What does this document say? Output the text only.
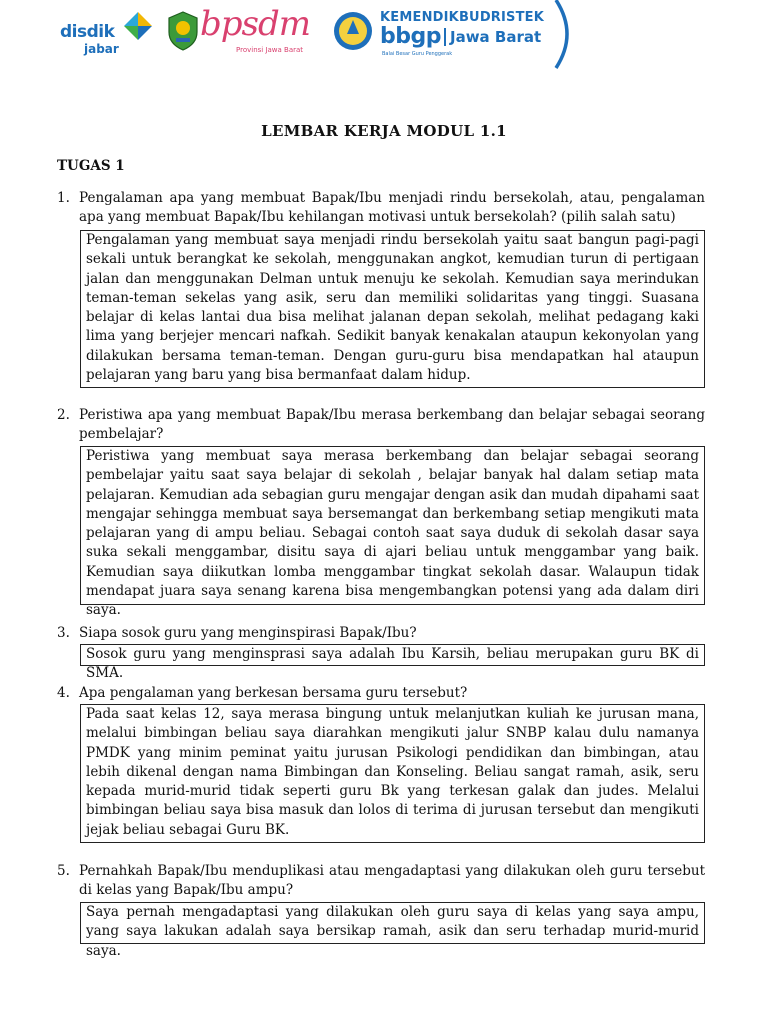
disdik
jabar
bpsdm
Provinsi Jawa Barat
KEMENDIKBUDRISTEK
bbgp Jawa Barat
Balai Besar Guru Penggerak
LEMBAR KERJA MODUL 1.1
TUGAS 1
1. Pengalaman apa yang membuat Bapak/Ibu menjadi rindu bersekolah, atau, pengalaman apa yang membuat Bapak/Ibu kehilangan motivasi untuk bersekolah? (pilih salah satu)
Pengalaman yang membuat saya menjadi rindu bersekolah yaitu saat bangun pagi-pagi sekali untuk berangkat ke sekolah, menggunakan angkot, kemudian turun di pertigaan jalan dan menggunakan Delman untuk menuju ke sekolah. Kemudian saya merindukan teman-teman sekelas yang asik, seru dan memiliki solidaritas yang tinggi. Suasana belajar di kelas lantai dua bisa melihat jalanan depan sekolah, melihat pedagang kaki lima yang berjejer mencari nafkah. Sedikit banyak kenakalan ataupun kekonyolan yang dilakukan bersama teman-teman. Dengan guru-guru bisa mendapatkan hal ataupun pelajaran yang baru yang bisa bermanfaat dalam hidup.
2. Peristiwa apa yang membuat Bapak/Ibu merasa berkembang dan belajar sebagai seorang pembelajar?
Peristiwa yang membuat saya merasa berkembang dan belajar sebagai seorang pembelajar yaitu saat saya belajar di sekolah , belajar banyak hal dalam setiap mata pelajaran. Kemudian ada sebagian guru mengajar dengan asik dan mudah dipahami saat mengajar sehingga membuat saya bersemangat dan berkembang setiap mengikuti mata pelajaran yang di ampu beliau. Sebagai contoh saat saya duduk di sekolah dasar saya suka sekali menggambar, disitu saya di ajari beliau untuk menggambar yang baik. Kemudian saya diikutkan lomba menggambar tingkat sekolah dasar. Walaupun tidak mendapat juara saya senang karena bisa mengembangkan potensi yang ada dalam diri saya.
3. Siapa sosok guru yang menginspirasi Bapak/Ibu?
Sosok guru yang menginsprasi saya adalah Ibu Karsih, beliau merupakan guru BK di SMA.
4. Apa pengalaman yang berkesan bersama guru tersebut?
Pada saat kelas 12, saya merasa bingung untuk melanjutkan kuliah ke jurusan mana, melalui bimbingan beliau saya diarahkan mengikuti jalur SNBP kalau dulu namanya PMDK yang minim peminat yaitu jurusan Psikologi pendidikan dan bimbingan, atau lebih dikenal dengan nama Bimbingan dan Konseling. Beliau sangat ramah, asik, seru kepada murid-murid tidak seperti guru Bk yang terkesan galak dan judes. Melalui bimbingan beliau saya bisa masuk dan lolos di terima di jurusan tersebut dan mengikuti jejak beliau sebagai Guru BK.
5. Pernahkah Bapak/Ibu menduplikasi atau mengadaptasi yang dilakukan oleh guru tersebut di kelas yang Bapak/Ibu ampu?
Saya pernah mengadaptasi yang dilakukan oleh guru saya di kelas yang saya ampu, yang saya lakukan adalah saya bersikap ramah, asik dan seru terhadap murid-murid saya.
